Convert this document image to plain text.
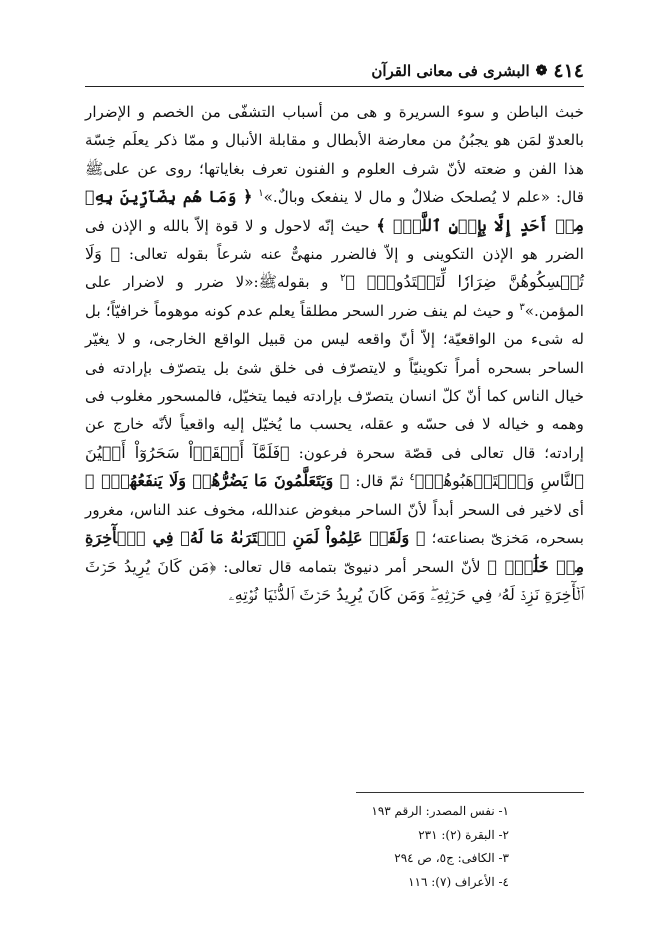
٤١٤
❁
البشرى فی معانی القرآن

خبث الباطن و سوء السریرة و هی من أسباب التشفّی من الخصم و الإضرار بالعدوّ لمَن هو یجبُنُ من معارضة الأبطال و مقابلة الأنبال و ممّا ذکر یعلَم خِسّة هذا الفن و ضعته لأنّ شرف العلوم و الفنون تعرف بغایاتها؛ روی عن علیﷺ قال: «علم لا یُصلحک ضلالٌ و مال لا ینفعک وبالٌ.»$^١$ ﴿ وَمَا هُم بِضَآرِّينَ بِهِۦ مِنۡ أَحَدٍ إِلَّا بِإِذۡنِ ٱللَّهِۚ ﴾ حیث إنّه لاحول و لا قوة إلاّ بالله و الإذن فی الضرر هو الإذن التکوینی و إلاّ فالضرر منهیٌّ عنه شرعاً بقوله تعالی: ﴿ وَلَا تُمۡسِكُوهُنَّ ضِرَارٗا لِّتَعۡتَدُواْۚ ﴾$^٢$ و بقولهﷺ:«لا ضرر و لاضرار علی المؤمن.»$^٣$ و حیث لم ینف ضرر السحر مطلقاً یعلم عدم کونه موهوماً خرافیّاً؛ بل له شیء من الواقعیّة؛ إلاّ أنّ واقعه لیس من قبیل الواقع الخارجی، و لا یغیّر الساحر بسحره أمراً تکوینیّاً و لایتصرّف فی خلق شئ بل یتصرّف بإرادته فی خیال الناس کما أنّ کلّ انسان یتصرّف بإرادته فیما یتخیّل، فالمسحور مغلوب فی وهمه و خیاله لا فی حسّه و عقله، یحسب ما یُخیّل إلیه واقعیاً لأنّه خارج عن إرادته؛ قال تعالی فی قصّة سحرة فرعون: ﴿فَلَمَّآ أَلۡقَوۡاْ سَحَرُوٓاْ أَعۡيُنَ ٱلنَّاسِ وَٱسۡتَرۡهَبُوهُمۡ﴾$^٤$ ثمّ قال: ﴿ وَيَتَعَلَّمُونَ مَا يَضُرُّهُمۡ وَلَا يَنفَعُهُمۡۚ ﴾ أی لاخیر فی السحر أبداً لأنّ الساحر مبغوض عندالله، مخوف عند الناس، مغرور بسحره، مَخزیّ بصناعته؛ ﴿ وَلَقَدۡ عَلِمُواْ لَمَنِ ٱشۡتَرَىٰهُ مَا لَهُۥ فِي ٱلۡأٓخِرَةِ مِنۡ خَلَٰقٖۚ ﴾ لأنّ السحر أمر دنیویّ بتمامه قال تعالی: ﴿مَن كَانَ يُرِيدُ حَرۡثَ ٱلۡأٓخِرَةِ نَزِدۡ لَهُۥ فِي حَرۡثِهِۦۖ وَمَن كَانَ يُرِيدُ حَرۡثَ ٱلدُّنۡيَا نُؤۡتِهِۦ

١- نفس المصدر: الرقم ١٩٣
٢- البقرة (٢): ٢٣١
٣- الکافی: ج٥، ص ٢٩٤
٤- الأعراف (٧): ١١٦
